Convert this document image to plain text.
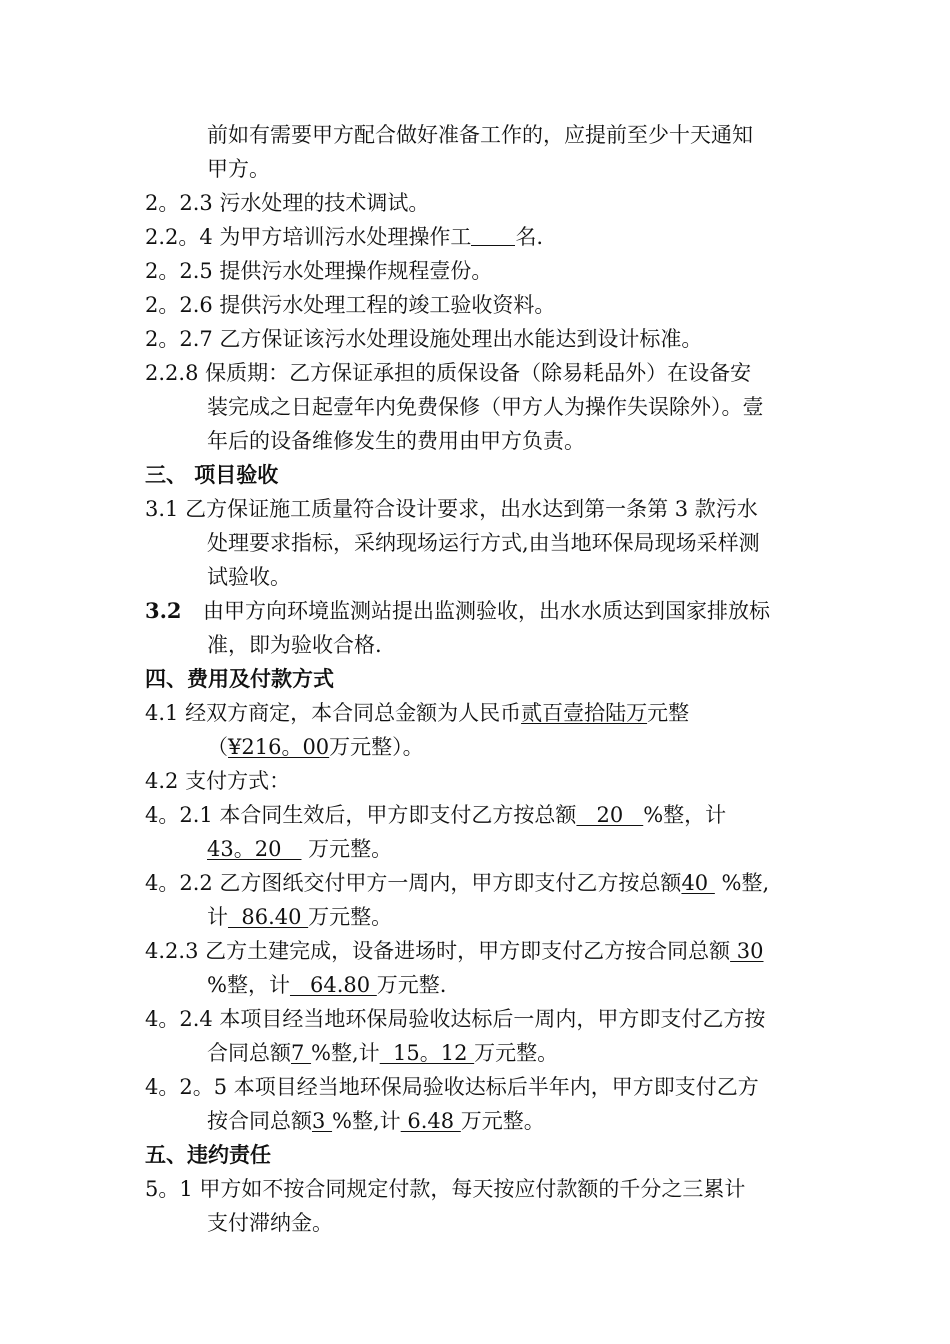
前如有需要甲方配合做好准备工作的，应提前至少十天通知
甲方。
2。2.3 污水处理的技术调试。
2.2。4 为甲方培训污水处理操作工 名.
2。2.5 提供污水处理操作规程壹份。
2。2.6 提供污水处理工程的竣工验收资料。
2。2.7 乙方保证该污水处理设施处理出水能达到设计标准。
2.2.8 保质期：乙方保证承担的质保设备（除易耗品外）在设备安
装完成之日起壹年内免费保修（甲方人为操作失误除外）。壹
年后的设备维修发生的费用由甲方负责。
三、 项目验收
3.1 乙方保证施工质量符合设计要求，出水达到第一条第 3 款污水
处理要求指标，采纳现场运行方式,由当地环保局现场采样测
试验收。
3.2 由甲方向环境监测站提出监测验收，出水水质达到国家排放标
准，即为验收合格.
四、费用及付款方式
4.1 经双方商定，本合同总金额为人民币贰百壹拾陆万元整
（¥216。00万元整）。
4.2 支付方式：
4。2.1 本合同生效后，甲方即支付乙方按总额   20   %整，计
43。20    万元整。
4。2.2 乙方图纸交付甲方一周内，甲方即支付乙方按总额40  %整,
计  86.40 万元整。
4.2.3 乙方土建完成，设备进场时，甲方即支付乙方按合同总额 30
%整，计   64.80 万元整.
4。2.4 本项目经当地环保局验收达标后一周内，甲方即支付乙方按
合同总额7 %整,计  15。12 万元整。
4。2。5 本项目经当地环保局验收达标后半年内，甲方即支付乙方
按合同总额3 %整,计 6.48 万元整。
五、违约责任
5。1 甲方如不按合同规定付款，每天按应付款额的千分之三累计
支付滞纳金。
